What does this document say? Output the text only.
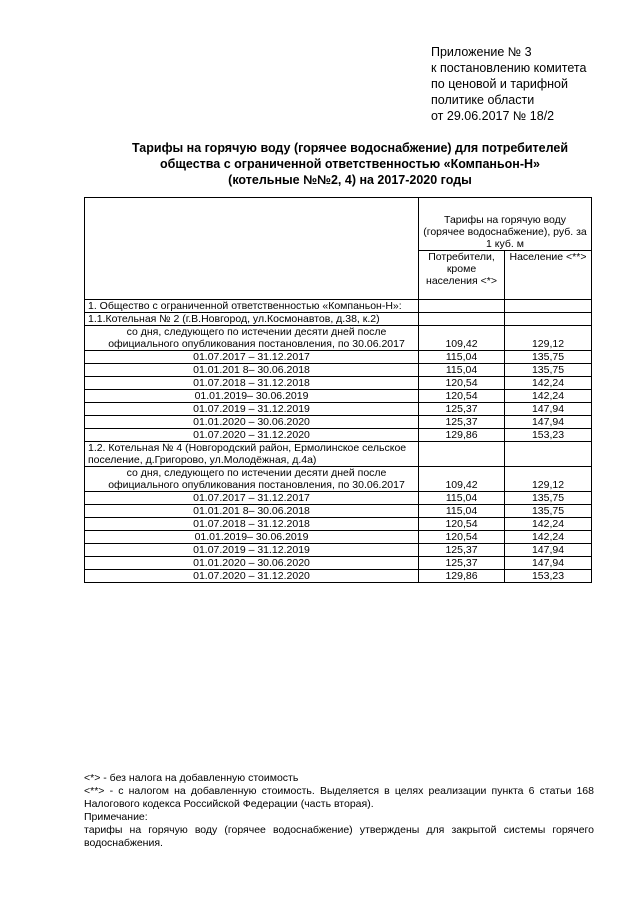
Приложение № 3
к постановлению комитета
по ценовой и тарифной
политике области
от 29.06.2017 № 18/2
Тарифы на горячую воду (горячее водоснабжение) для потребителей
общества с ограниченной ответственностью «Компаньон-Н»
(котельные №№2, 4) на 2017-2020 годы
	Тарифы на горячую воду (горячее водоснабжение), руб. за 1 куб. м	
	Потребители, кроме населения <*>	Население <**>
1. Общество с ограниченной ответственностью «Компаньон-Н»:		
1.1.Котельная № 2 (г.В.Новгород, ул.Космонавтов, д.38, к.2)		
со дня, следующего по истечении десяти дней после официального опубликования постановления, по 30.06.2017	109,42	129,12
01.07.2017 – 31.12.2017	115,04	135,75
01.01.201 8– 30.06.2018	115,04	135,75
01.07.2018 – 31.12.2018	120,54	142,24
01.01.2019– 30.06.2019	120,54	142,24
01.07.2019 – 31.12.2019	125,37	147,94
01.01.2020 – 30.06.2020	125,37	147,94
01.07.2020 – 31.12.2020	129,86	153,23
1.2. Котельная № 4 (Новгородский район, Ермолинское сельское поселение, д.Григорово, ул.Молодёжная, д.4а)		
со дня, следующего по истечении десяти дней после официального опубликования постановления, по 30.06.2017	109,42	129,12
01.07.2017 – 31.12.2017	115,04	135,75
01.01.201 8– 30.06.2018	115,04	135,75
01.07.2018 – 31.12.2018	120,54	142,24
01.01.2019– 30.06.2019	120,54	142,24
01.07.2019 – 31.12.2019	125,37	147,94
01.01.2020 – 30.06.2020	125,37	147,94
01.07.2020 – 31.12.2020	129,86	153,23
<*> - без налога на добавленную стоимость
<**> - с налогом на добавленную стоимость. Выделяется в целях реализации пункта 6 статьи 168 Налогового кодекса Российской Федерации (часть вторая).
Примечание:
тарифы на горячую воду (горячее водоснабжение) утверждены для закрытой системы горячего водоснабжения.
